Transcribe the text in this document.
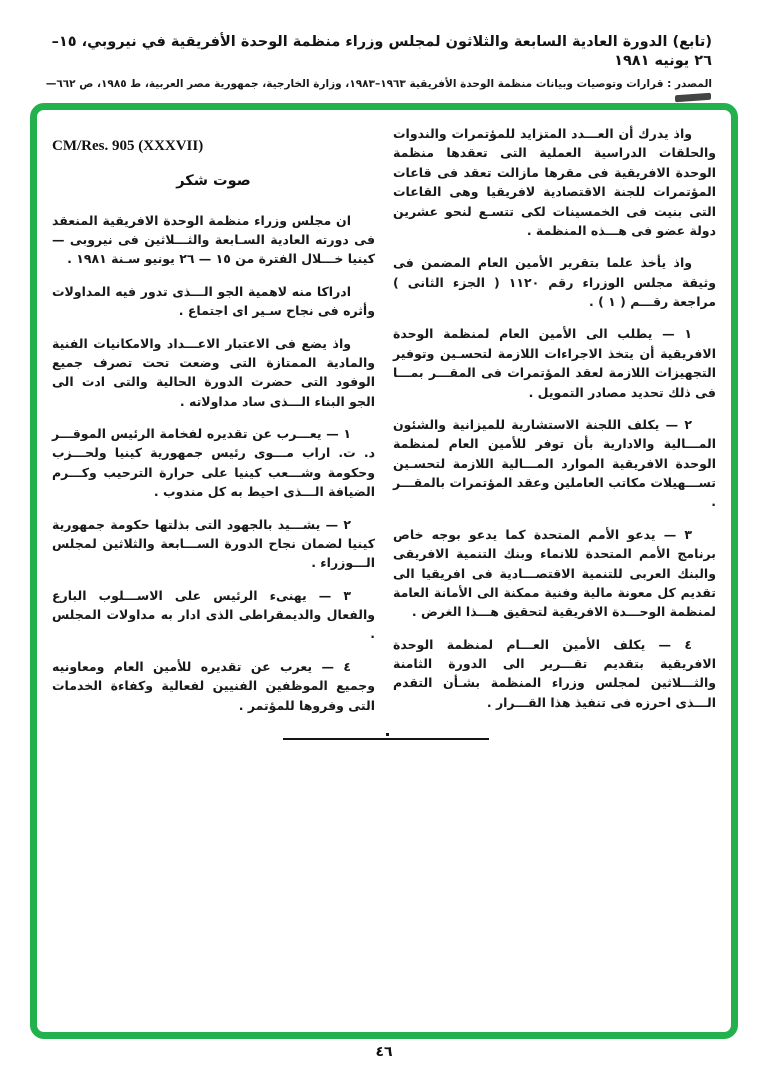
(تابع) الدورة العادية السابعة والثلاثون لمجلس وزراء منظمة الوحدة الأفريقية في نيروبي، ١٥–٢٦ يونيه ١٩٨١
المصدر : قرارات وتوصيات وبيانات منظمة الوحدة الأفريقية ١٩٦٣–١٩٨٣، وزارة الخارجية، جمهورية مصر العربية، ط ١٩٨٥، ص ٦٦٢—

واذ يدرك أن العـــدد المتزايد للمؤتمرات والندوات والحلقات الدراسية العملية التى تعقدها منظمة الوحدة الافريقية فى مقرها مازالت تعقد فى قاعات المؤتمرات للجنة الاقتصادية لافريقيا وهى القاعات التى بنيت فى الخمسينات لكى تتسـع لنحو عشرين دولة عضو فى هـــذه المنظمة .

واذ يأخذ علما بتقرير الأمين العام المضمن فى وثيقة مجلس الوزراء رقم ١١٢٠ ( الجزء الثانى ) مراجعة رقـــم ( ١ ) .

١ — يطلب الى الأمين العام لمنظمة الوحدة الافريقية أن يتخذ الاجراءات اللازمة لتحسـين وتوفير التجهيزات اللازمة لعقد المؤتمرات فى المقـــر بمـــا فى ذلك تحديد مصادر التمويل .

٢ — يكلف اللجنة الاستشارية للميزانية والشئون المـــالية والادارية بأن توفر للأمين العام لمنظمة الوحدة الافريقية الموارد المـــالية اللازمة لتحسـين تســـهيلات مكاتب العاملين وعقد المؤتمرات بالمقـــر .

٣ — يدعو الأمم المتحدة كما يدعو بوجه خاص برنامج الأمم المتحدة للانماء وبنك التنمية الافريقى والبنك العربى للتنمية الاقتصـــادية فى افريقيا الى تقديم كل معونة مالية وفنية ممكنة الى الأمانة العامة لمنظمة الوحـــدة الافريقية لتحقيق هـــذا الغرض .

٤ — يكلف الأمين العـــام لمنظمة الوحدة الافريقية بتقديم تقـــرير الى الدورة الثامنة والثـــلاثين لمجلس وزراء المنظمة بشـأن التقدم الـــذى احرزه فى تنفيذ هذا القـــرار .

CM/Res. 905 (XXXVII)
صوت شكر

ان مجلس وزراء منظمة الوحدة الافريقية المنعقد فى دورته العادية السـابعة والثـــلاثين فى نيروبى — كينيا خـــلال الفترة من ١٥ — ٢٦ يونيو سـنة ١٩٨١ .

ادراكا منه لاهمية الجو الـــذى تدور فيه المداولات وأثره فى نجاح سـير اى اجتماع .

واذ يضع فى الاعتبار الاعـــداد والامكانيات الفنية والمادية الممتازة التى وضعت تحت تصرف جميع الوفود التى حضرت الدورة الحالية والتى ادت الى الجو البناء الـــذى ساد مداولاته .

١ — يعـــرب عن تقديره لفخامة الرئيس الموقـــر د. ت. اراب مـــوى رئيس جمهورية كينيا ولحـــزب وحكومة وشـــعب كينيا على حرارة الترحيب وكـــرم الضيافة الـــذى احيط به كل مندوب .

٢ — يشـــيد بالجهود التى بذلتها حكومة جمهورية كينيا لضمان نجاح الدورة الســـابعة والثلاثين لمجلس الـــوزراء .

٣ — يهنىء الرئيس على الاســـلوب البارع والفعال والديمقراطى الذى ادار به مداولات المجلس .

٤ — يعرب عن تقديره للأمين العام ومعاونيه وجميع الموظفين الفنيين لفعالية وكفاءة الخدمات التى وفروها للمؤتمر .

٤٦
